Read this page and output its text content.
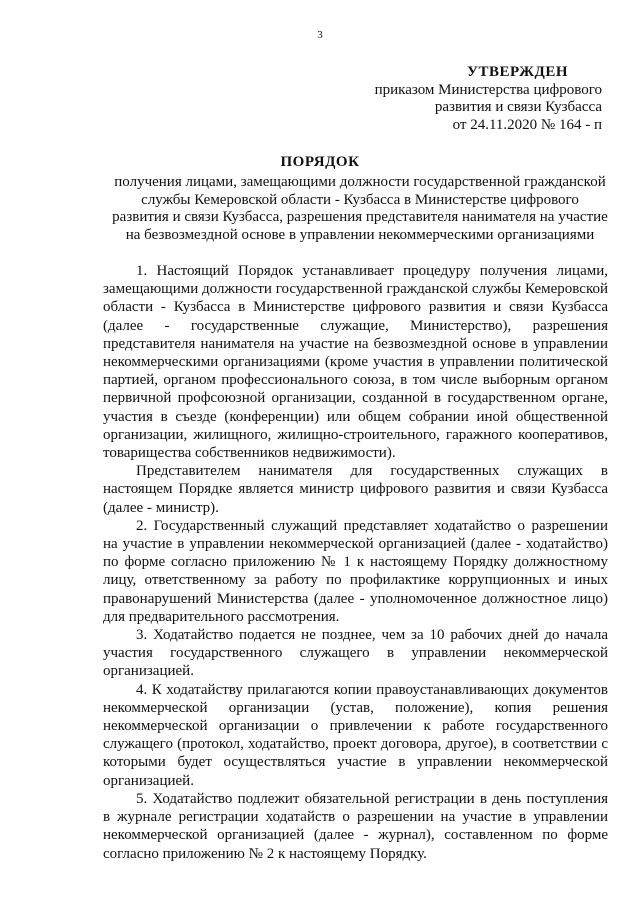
3
УТВЕРЖДЕН
приказом Министерства цифрового
развития и связи Кузбасса
от 24.11.2020 № 164 - п
ПОРЯДОК
получения лицами, замещающими должности государственной гражданской
службы Кемеровской области - Кузбасса в Министерстве цифрового
развития и связи Кузбасса, разрешения представителя нанимателя на участие
на безвозмездной основе в управлении некоммерческими организациями

1. Настоящий Порядок устанавливает процедуру получения лицами, замещающими должности государственной гражданской службы Кемеровской области - Кузбасса в Министерстве цифрового развития и связи Кузбасса (далее - государственные служащие, Министерство), разрешения представителя нанимателя на участие на безвозмездной основе в управлении некоммерческими организациями (кроме участия в управлении политической партией, органом профессионального союза, в том числе выборным органом первичной профсоюзной организации, созданной в государственном органе, участия в съезде (конференции) или общем собрании иной общественной организации, жилищного, жилищно-строительного, гаражного кооперативов, товарищества собственников недвижимости).

Представителем нанимателя для государственных служащих в настоящем Порядке является министр цифрового развития и связи Кузбасса (далее - министр).

2. Государственный служащий представляет ходатайство о разрешении на участие в управлении некоммерческой организацией (далее - ходатайство) по форме согласно приложению № 1 к настоящему Порядку должностному лицу, ответственному за работу по профилактике коррупционных и иных правонарушений Министерства (далее - уполномоченное должностное лицо) для предварительного рассмотрения.

3. Ходатайство подается не позднее, чем за 10 рабочих дней до начала участия государственного служащего в управлении некоммерческой организацией.

4. К ходатайству прилагаются копии правоустанавливающих документов некоммерческой организации (устав, положение), копия решения некоммерческой организации о привлечении к работе государственного служащего (протокол, ходатайство, проект договора, другое), в соответствии с которыми будет осуществляться участие в управлении некоммерческой организацией.

5. Ходатайство подлежит обязательной регистрации в день поступления в журнале регистрации ходатайств о разрешении на участие в управлении некоммерческой организацией (далее - журнал), составленном по форме согласно приложению № 2 к настоящему Порядку.
